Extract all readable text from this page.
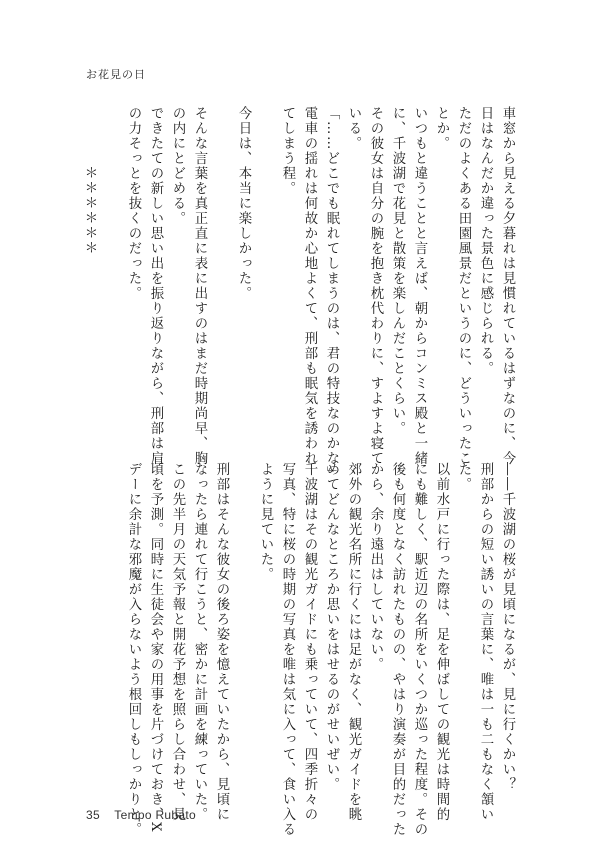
お花見の日
車窓から見える夕暮れは見慣れているはずなのに、今
日はなんだか違った景色に感じられる。
ただのよくある田園風景だというのに、どういったこ
とか。
いつもと違うことと言えば、朝からコンミス殿と一緒
に、千波湖で花見と散策を楽しんだことくらい。
その彼女は自分の腕を抱き枕代わりに、すよすよ寝て
いる。
「……どこでも眠れてしまうのは、君の特技なのかな」
電車の揺れは何故か心地よくて、刑部も眠気を誘われ
てしまう程。

今日は、本当に楽しかった。

そんな言葉を真正直に表に出すのはまだ時期尚早、胸
の内にとどめる。
できたての新しい思い出を振り返りながら、刑部は肩
の力そっとを抜くのだった。

　　　　＊＊＊＊＊＊
――千波湖の桜が見頃になるが、見に行くかい？
刑部からの短い誘いの言葉に、唯は一も二もなく頷い
た。
以前水戸に行った際は、足を伸ばしての観光は時間的
にも難しく、駅近辺の名所をいくつか巡った程度。その
後も何度となく訪れたものの、やはり演奏が目的だった
から、余り遠出はしていない。
郊外の観光名所に行くには足がなく、観光ガイドを眺
めてどんなところか思いをはせるのがせいぜい。
千波湖はその観光ガイドにも乗っていて、四季折々の
写真、特に桜の時期の写真を唯は気に入って、食い入る
ように見ていた。

刑部はそんな彼女の後ろ姿を憶えていたから、見頃に
なったら連れて行こうと、密かに計画を練っていた。
この先半月の天気予報と開花予想を照らし合わせ、見
頃を予測。同時に生徒会や家の用事を片づけておき、X
デーに余計な邪魔が入らないよう根回しもしっかりと。
35 Tempo Rubato
